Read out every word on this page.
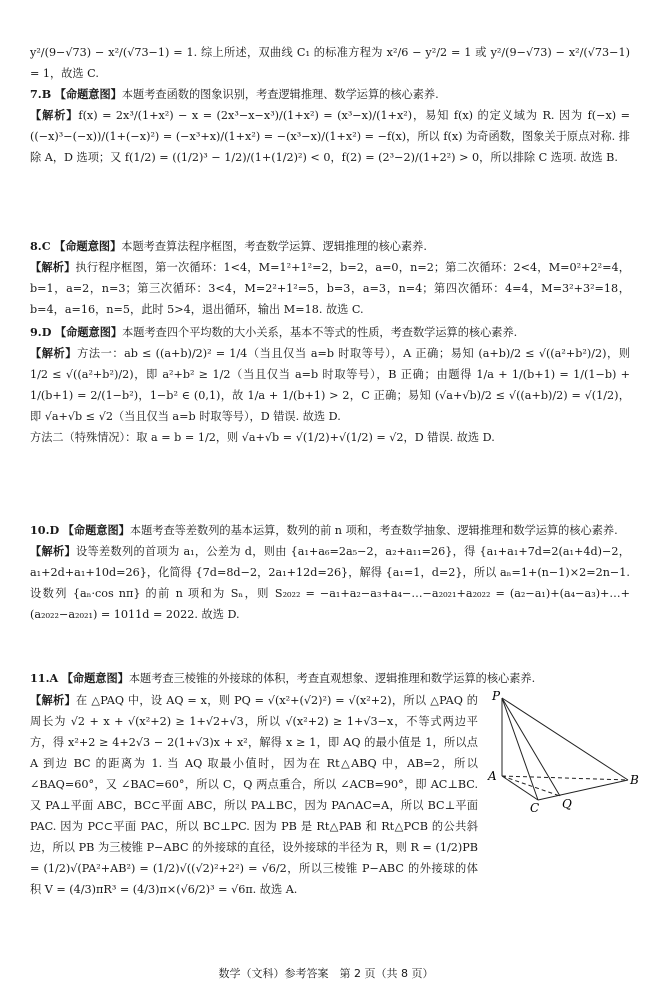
y²/(9−√73) − x²/(√73−1) = 1. 综上所述，双曲线 C₁ 的标准方程为 x²/6 − y²/2 = 1 或 y²/(9−√73) − x²/(√73−1) = 1，故选 C.

7.B 【命题意图】本题考查函数的图象识别，考查逻辑推理、数学运算的核心素养.
【解析】f(x) = 2x³/(1+x²) − x = (2x³−x−x³)/(1+x²) = (x³−x)/(1+x²)，易知 f(x) 的定义域为 R. 因为 f(−x) = ((−x)³−(−x))/(1+(−x)²) = (−x³+x)/(1+x²) = −(x³−x)/(1+x²) = −f(x)，所以 f(x) 为奇函数，图象关于原点对称. 排除 A，D 选项；又 f(1/2) = ((1/2)³ − 1/2)/(1+(1/2)²) < 0，f(2) = (2³−2)/(1+2²) > 0，所以排除 C 选项. 故选 B.

8.C 【命题意图】本题考查算法程序框图，考查数学运算、逻辑推理的核心素养.
【解析】执行程序框图，第一次循环：1<4，M=1²+1²=2，b=2，a=0，n=2；第二次循环：2<4，M=0²+2²=4，b=1，a=2，n=3；第三次循环：3<4，M=2²+1²=5，b=3，a=3，n=4；第四次循环：4=4，M=3²+3²=18，b=4，a=16，n=5，此时 5>4，退出循环，输出 M=18. 故选 C.

9.D 【命题意图】本题考查四个平均数的大小关系，基本不等式的性质，考查数学运算的核心素养.
【解析】方法一：ab ≤ ((a+b)/2)² = 1/4（当且仅当 a=b 时取等号），A 正确；易知 (a+b)/2 ≤ √((a²+b²)/2)，则 1/2 ≤ √((a²+b²)/2)，即 a²+b² ≥ 1/2（当且仅当 a=b 时取等号），B 正确；由题得 1/a + 1/(b+1) = 1/(1−b) + 1/(b+1) = 2/(1−b²)，1−b² ∈ (0,1)，故 1/a + 1/(b+1) > 2，C 正确；易知 (√a+√b)/2 ≤ √((a+b)/2) = √(1/2)，即 √a+√b ≤ √2（当且仅当 a=b 时取等号），D 错误. 故选 D.
方法二（特殊情况）：取 a = b = 1/2，则 √a+√b = √(1/2)+√(1/2) = √2，D 错误. 故选 D.

10.D 【命题意图】本题考查等差数列的基本运算，数列的前 n 项和，考查数学抽象、逻辑推理和数学运算的核心素养.
【解析】设等差数列的首项为 a₁，公差为 d，则由 {a₁+a₆=2a₅−2，a₂+a₁₁=26}，得 {a₁+a₁+7d=2(a₁+4d)−2，a₁+2d+a₁+10d=26}，化简得 {7d=8d−2，2a₁+12d=26}，解得 {a₁=1，d=2}，所以 aₙ=1+(n−1)×2=2n−1. 设数列 {aₙ·cos nπ} 的前 n 项和为 Sₙ，则 S₂₀₂₂ = −a₁+a₂−a₃+a₄−…−a₂₀₂₁+a₂₀₂₂ = (a₂−a₁)+(a₄−a₃)+…+(a₂₀₂₂−a₂₀₂₁) = 1011d = 2022. 故选 D.

11.A 【命题意图】本题考查三棱锥的外接球的体积，考查直观想象、逻辑推理和数学运算的核心素养.

【解析】在 △PAQ 中，设 AQ = x，则 PQ = √(x²+(√2)²) = √(x²+2)，所以 △PAQ 的周长为 √2 + x + √(x²+2) ≥ 1+√2+√3，所以 √(x²+2) ≥ 1+√3−x，不等式两边平方，得 x²+2 ≥ 4+2√3 − 2(1+√3)x + x²，解得 x ≥ 1，即 AQ 的最小值是 1，所以点 A 到边 BC 的距离为 1. 当 AQ 取最小值时，因为在 Rt△ABQ 中，AB=2，所以 ∠BAQ=60°，又 ∠BAC=60°，所以 C，Q 两点重合，所以 ∠ACB=90°，即 AC⊥BC. 又 PA⊥平面 ABC，BC⊂平面 ABC，所以 PA⊥BC，因为 PA∩AC=A，所以 BC⊥平面 PAC. 因为 PC⊂平面 PAC，所以 BC⊥PC. 因为 PB 是 Rt△PAB 和 Rt△PCB 的公共斜边，所以 PB 为三棱锥 P−ABC 的外接球的直径，设外接球的半径为 R，则 R = (1/2)PB = (1/2)√(PA²+AB²) = (1/2)√((√2)²+2²) = √6/2，所以三棱锥 P−ABC 的外接球的体积 V = (4/3)πR³ = (4/3)π×(√6/2)³ = √6π. 故选 A.

P
A	B
C Q
数学（文科）参考答案　第 2 页（共 8 页）
